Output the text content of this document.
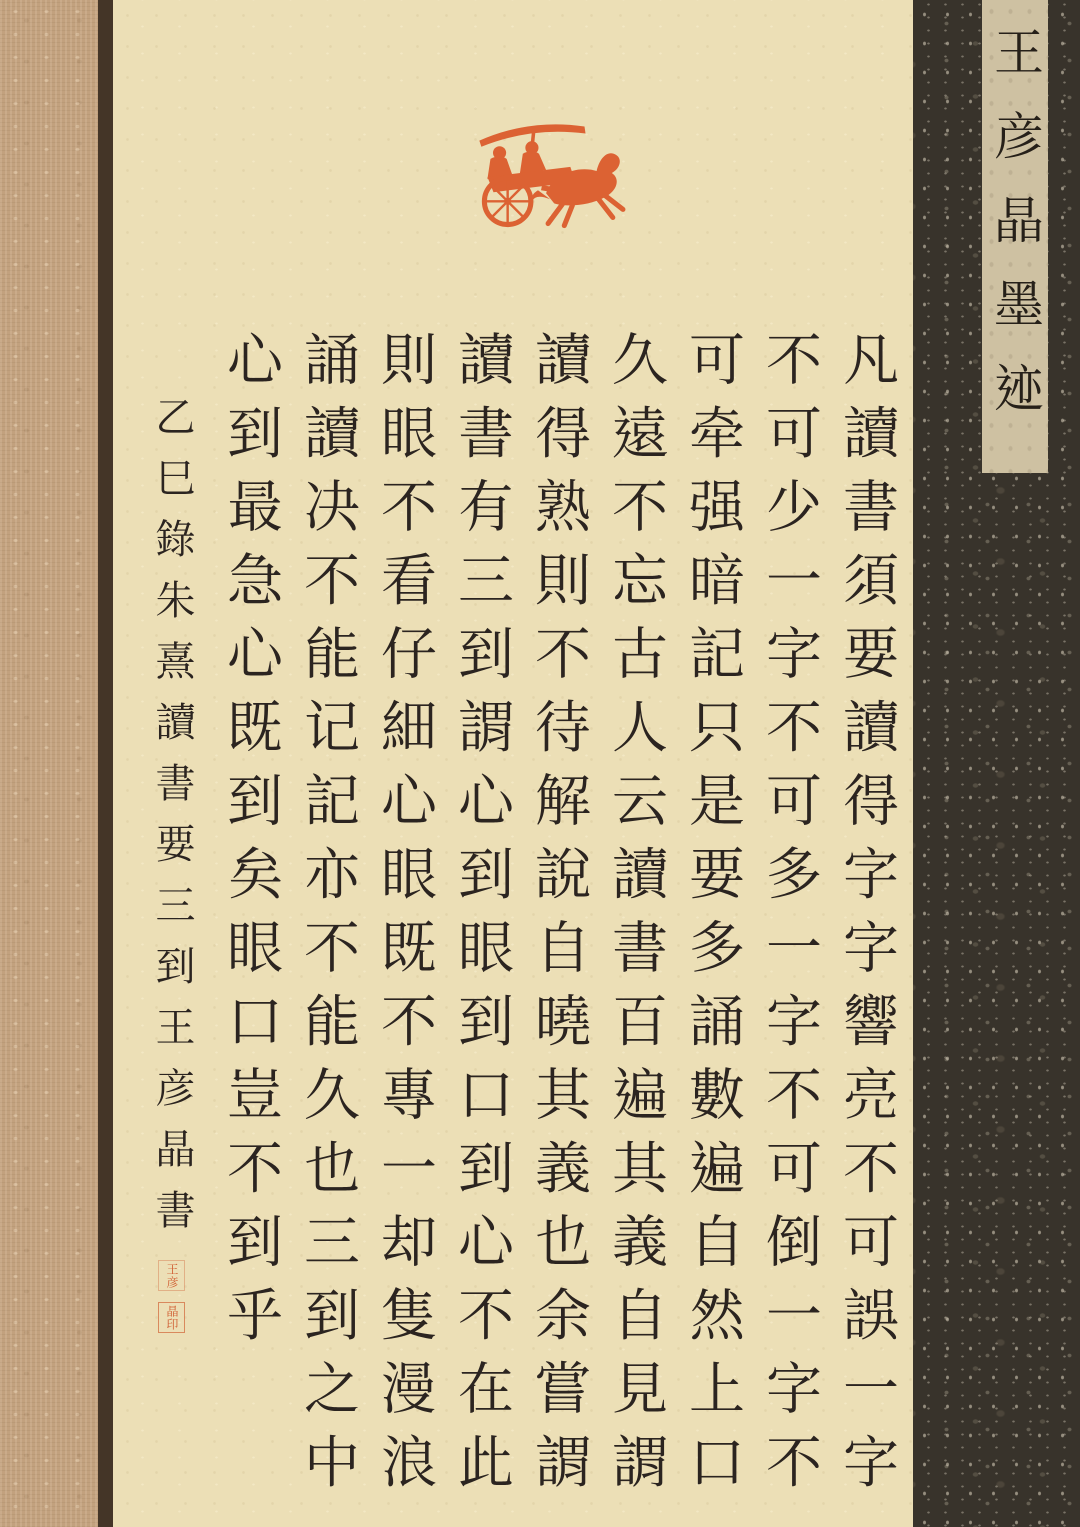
凡讀書須要讀得字字響亮不可誤一字
不可少一字不可多一字不可倒一字不
可牵强暗記只是要多誦數遍自然上口
久遠不忘古人云讀書百遍其義自見謂
讀得熟則不待解說自曉其義也余嘗謂
讀書有三到謂心到眼到口到心不在此
則眼不看仔細心眼既不專一却隻漫浪
誦讀决不能记記亦不能久也三到之中
心到最急心既到矣眼口豈不到乎
乙巳錄朱熹讀書要三到王彦晶書
王彦
晶印
王彦晶墨迹
